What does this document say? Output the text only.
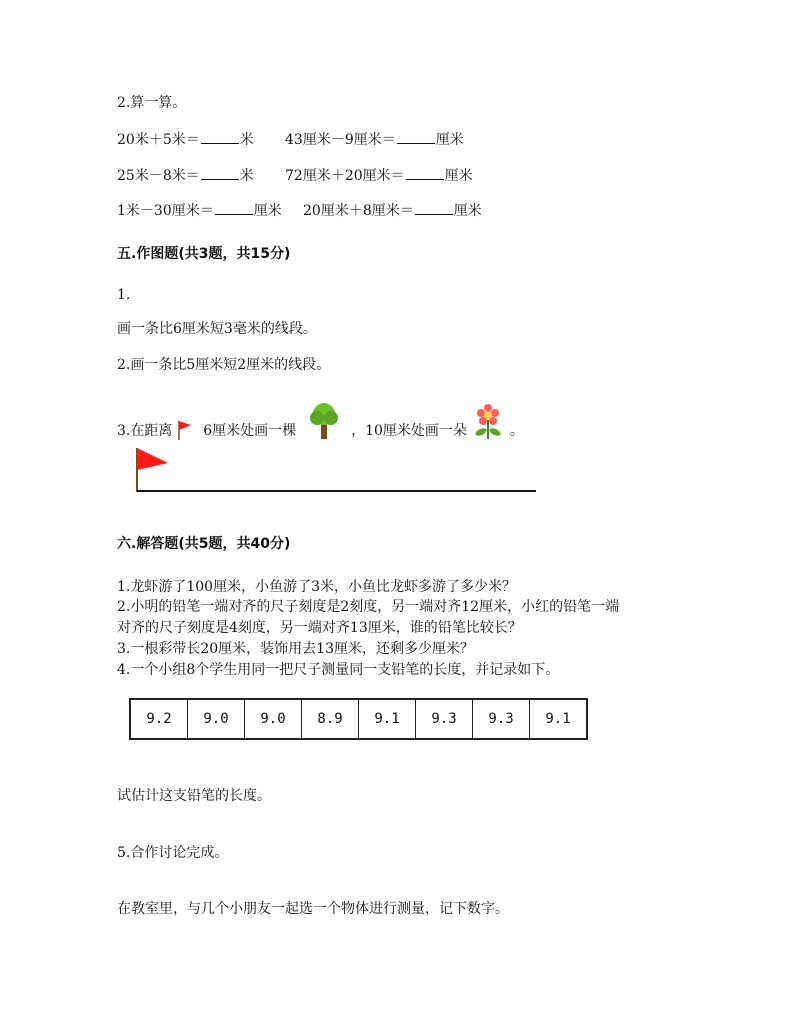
2.算一算。
20米＋5米＝	米 43厘米－9厘米＝	厘米
25米－8米＝	米 72厘米＋20厘米＝	厘米
1米－30厘米＝	厘米 20厘米＋8厘米＝	厘米
五.作图题(共3题，共15分)
1.
画一条比6厘米短3毫米的线段。
2.画一条比5厘米短2厘米的线段。
3.在距离 6厘米处画一棵	，10厘米处画一朵	。
六.解答题(共5题，共40分)
1.龙虾游了100厘米，小鱼游了3米，小鱼比龙虾多游了多少米？
2.小明的铅笔一端对齐的尺子刻度是2刻度，另一端对齐12厘米，小红的铅笔一端
对齐的尺子刻度是4刻度，另一端对齐13厘米，谁的铅笔比较长？
3.一根彩带长20厘米，装饰用去13厘米，还剩多少厘米？
4.一个小组8个学生用同一把尺子测量同一支铅笔的长度，并记录如下。
9.2	9.0	9.0	8.9	9.1	9.3	9.3	9.1
试估计这支铅笔的长度。
5.合作讨论完成。
在教室里，与几个小朋友一起选一个物体进行测量，记下数字。
